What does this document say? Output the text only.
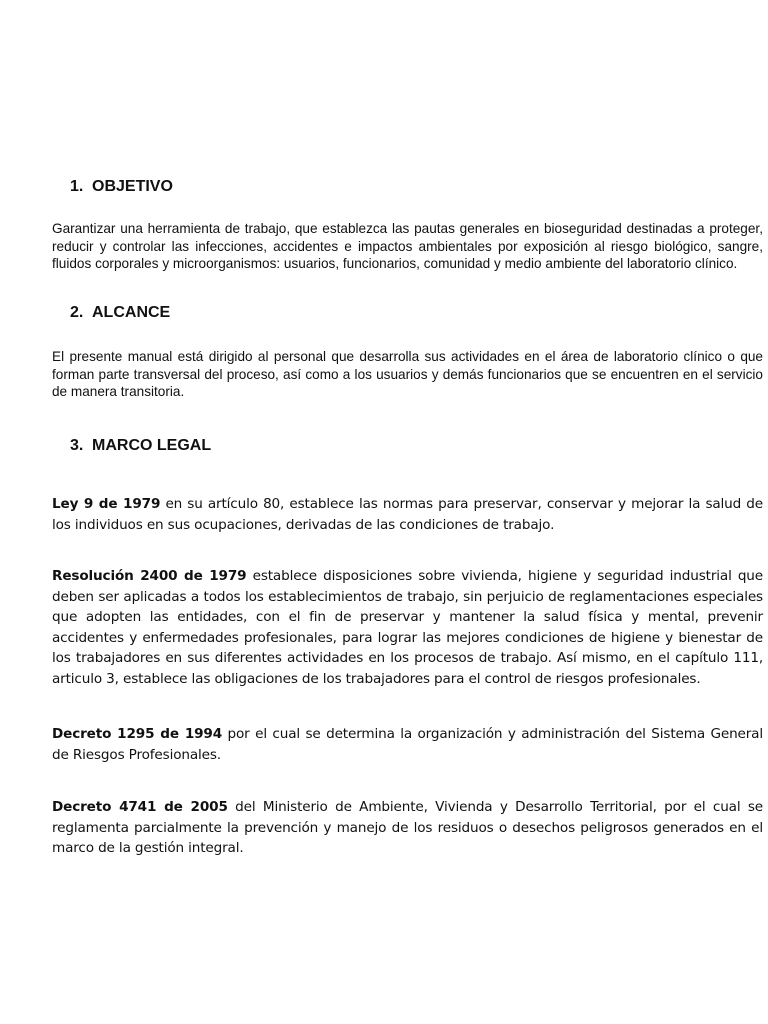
1. OBJETIVO
Garantizar una herramienta de trabajo, que establezca las pautas generales en bioseguridad destinadas a proteger, reducir y controlar las infecciones, accidentes e impactos ambientales por exposición al riesgo biológico, sangre, fluidos corporales y microorganismos: usuarios, funcionarios, comunidad y medio ambiente del laboratorio clínico.
2. ALCANCE
El presente manual está dirigido al personal que desarrolla sus actividades en el área de laboratorio clínico o que forman parte transversal del proceso, así como a los usuarios y demás funcionarios que se encuentren en el servicio de manera transitoria.
3. MARCO LEGAL
Ley 9 de 1979 en su artículo 80, establece las normas para preservar, conservar y mejorar la salud de los individuos en sus ocupaciones, derivadas de las condiciones de trabajo.
Resolución 2400 de 1979 establece disposiciones sobre vivienda, higiene y seguridad industrial que deben ser aplicadas a todos los establecimientos de trabajo, sin perjuicio de reglamentaciones especiales que adopten las entidades, con el fin de preservar y mantener la salud física y mental, prevenir accidentes y enfermedades profesionales, para lograr las mejores condiciones de higiene y bienestar de los trabajadores en sus diferentes actividades en los procesos de trabajo. Así mismo, en el capítulo 111, articulo 3, establece las obligaciones de los trabajadores para el control de riesgos profesionales.
Decreto 1295 de 1994 por el cual se determina la organización y administración del Sistema General de Riesgos Profesionales.
Decreto 4741 de 2005 del Ministerio de Ambiente, Vivienda y Desarrollo Territorial, por el cual se reglamenta parcialmente la prevención y manejo de los residuos o desechos peligrosos generados en el marco de la gestión integral.
